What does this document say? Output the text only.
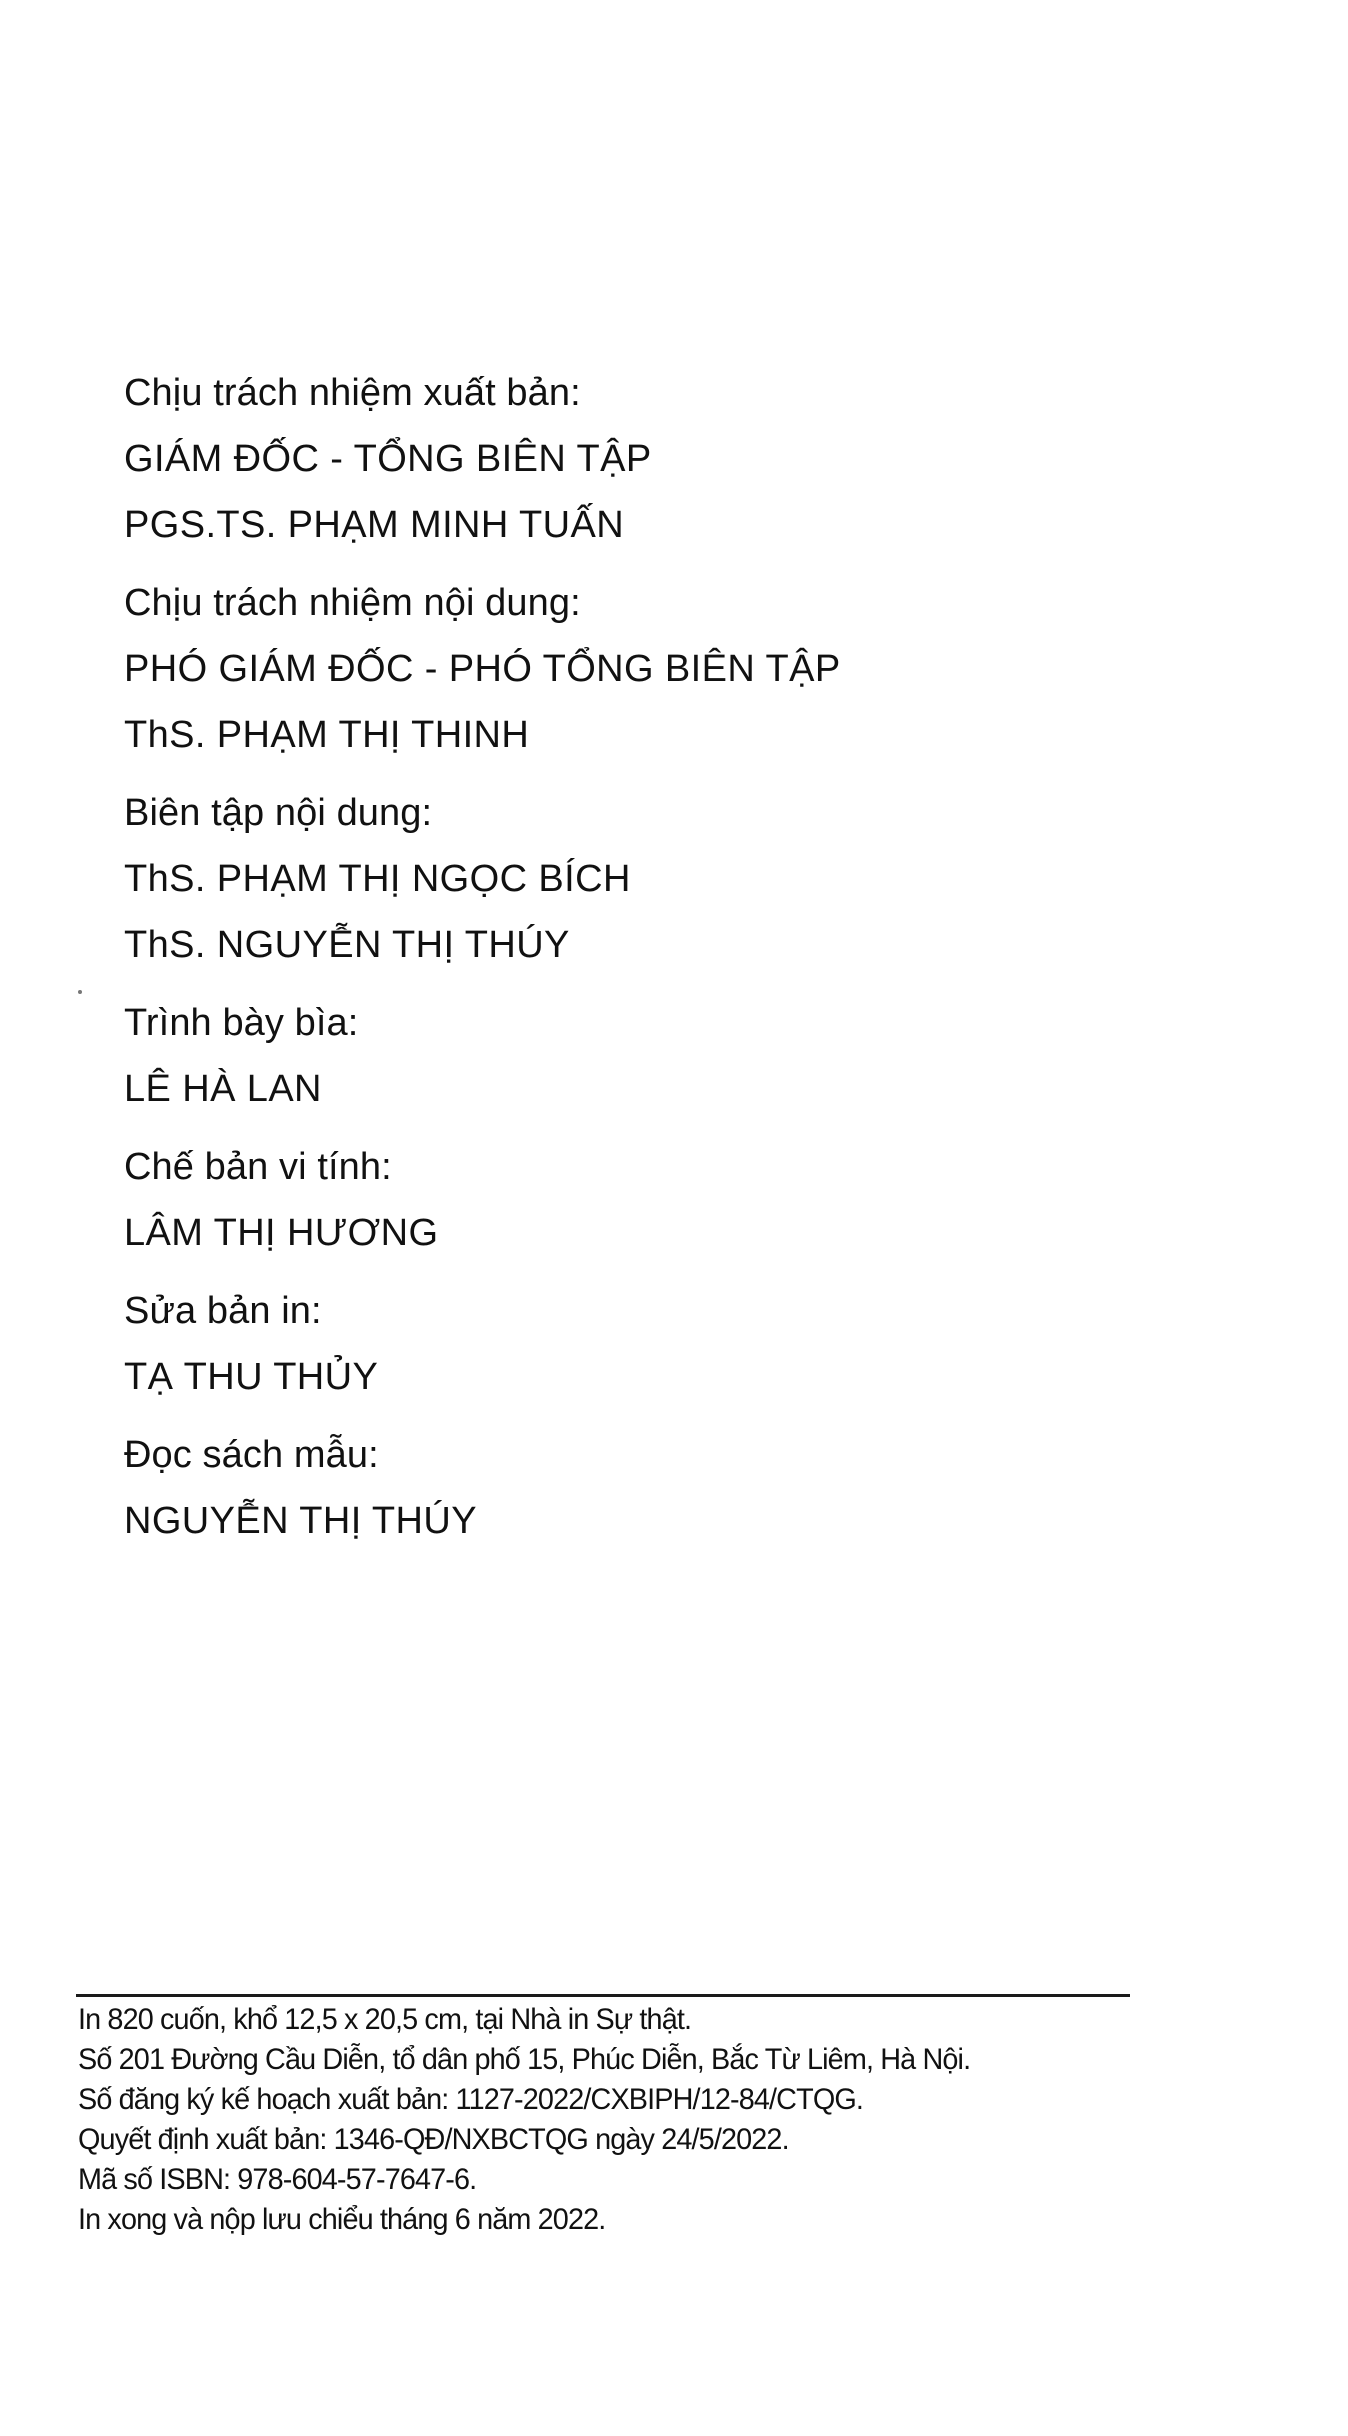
Chịu trách nhiệm xuất bản:
GIÁM ĐỐC - TỔNG BIÊN TẬP
PGS.TS. PHẠM MINH TUẤN
Chịu trách nhiệm nội dung:
PHÓ GIÁM ĐỐC - PHÓ TỔNG BIÊN TẬP
ThS. PHẠM THỊ THINH
Biên tập nội dung:
ThS. PHẠM THỊ NGỌC BÍCH
ThS. NGUYỄN THỊ THÚY
Trình bày bìa:
LÊ HÀ LAN
Chế bản vi tính:
LÂM THỊ HƯƠNG
Sửa bản in:
TẠ THU THỦY
Đọc sách mẫu:
NGUYỄN THỊ THÚY
In 820 cuốn, khổ 12,5 x 20,5 cm, tại Nhà in Sự thật.
Số 201 Đường Cầu Diễn, tổ dân phố 15, Phúc Diễn, Bắc Từ Liêm, Hà Nội.
Số đăng ký kế hoạch xuất bản: 1127-2022/CXBIPH/12-84/CTQG.
Quyết định xuất bản: 1346-QĐ/NXBCTQG ngày 24/5/2022.
Mã số ISBN: 978-604-57-7647-6.
In xong và nộp lưu chiểu tháng 6 năm 2022.
